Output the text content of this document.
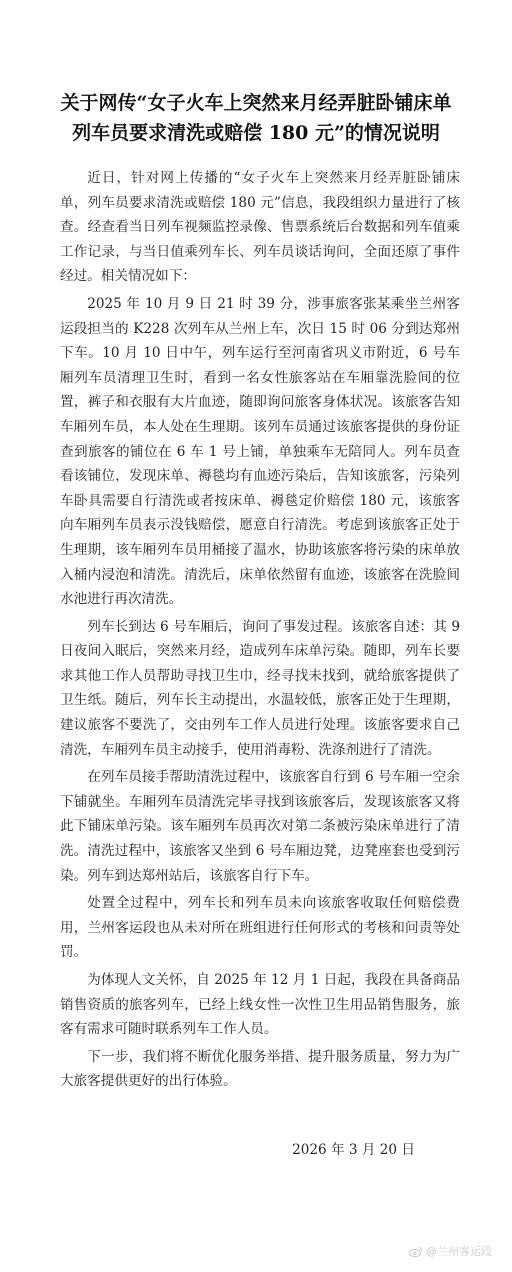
关于网传“女子火车上突然来月经弄脏卧铺床单
列车员要求清洗或赔偿 180 元”的情况说明

近日，针对网上传播的“女子火车上突然来月经弄脏卧铺床单，列车员要求清洗或赔偿 180 元”信息，我段组织力量进行了核查。经查看当日列车视频监控录像、售票系统后台数据和列车值乘工作记录，与当日值乘列车长、列车员谈话询问，全面还原了事件经过。相关情况如下：

2025 年 10 月 9 日 21 时 39 分，涉事旅客张某乘坐兰州客运段担当的 K228 次列车从兰州上车，次日 15 时 06 分到达郑州下车。10 月 10 日中午，列车运行至河南省巩义市附近，6 号车厢列车员清理卫生时，看到一名女性旅客站在车厢靠洗脸间的位置，裤子和衣服有大片血迹，随即询问旅客身体状况。该旅客告知车厢列车员，本人处在生理期。该列车员通过该旅客提供的身份证查到旅客的铺位在 6 车 1 号上铺，单独乘车无陪同人。列车员查看该铺位，发现床单、褥毯均有血迹污染后，告知该旅客，污染列车卧具需要自行清洗或者按床单、褥毯定价赔偿 180 元，该旅客向车厢列车员表示没钱赔偿，愿意自行清洗。考虑到该旅客正处于生理期，该车厢列车员用桶接了温水，协助该旅客将污染的床单放入桶内浸泡和清洗。清洗后，床单依然留有血迹，该旅客在洗脸间水池进行再次清洗。

列车长到达 6 号车厢后，询问了事发过程。该旅客自述：其 9 日夜间入眠后，突然来月经，造成列车床单污染。随即，列车长要求其他工作人员帮助寻找卫生巾，经寻找未找到，就给旅客提供了卫生纸。随后，列车长主动提出，水温较低，旅客正处于生理期，建议旅客不要洗了，交由列车工作人员进行处理。该旅客要求自己清洗，车厢列车员主动接手，使用消毒粉、洗涤剂进行了清洗。

在列车员接手帮助清洗过程中，该旅客自行到 6 号车厢一空余下铺就坐。车厢列车员清洗完毕寻找到该旅客后，发现该旅客又将此下铺床单污染。该车厢列车员再次对第二条被污染床单进行了清洗。清洗过程中，该旅客又坐到 6 号车厢边凳，边凳座套也受到污染。列车到达郑州站后，该旅客自行下车。

处置全过程中，列车长和列车员未向该旅客收取任何赔偿费用，兰州客运段也从未对所在班组进行任何形式的考核和问责等处罚。

为体现人文关怀，自 2025 年 12 月 1 日起，我段在具备商品销售资质的旅客列车，已经上线女性一次性卫生用品销售服务，旅客有需求可随时联系列车工作人员。

下一步，我们将不断优化服务举措、提升服务质量，努力为广大旅客提供更好的出行体验。

2026 年 3 月 20 日
@兰州客运段
